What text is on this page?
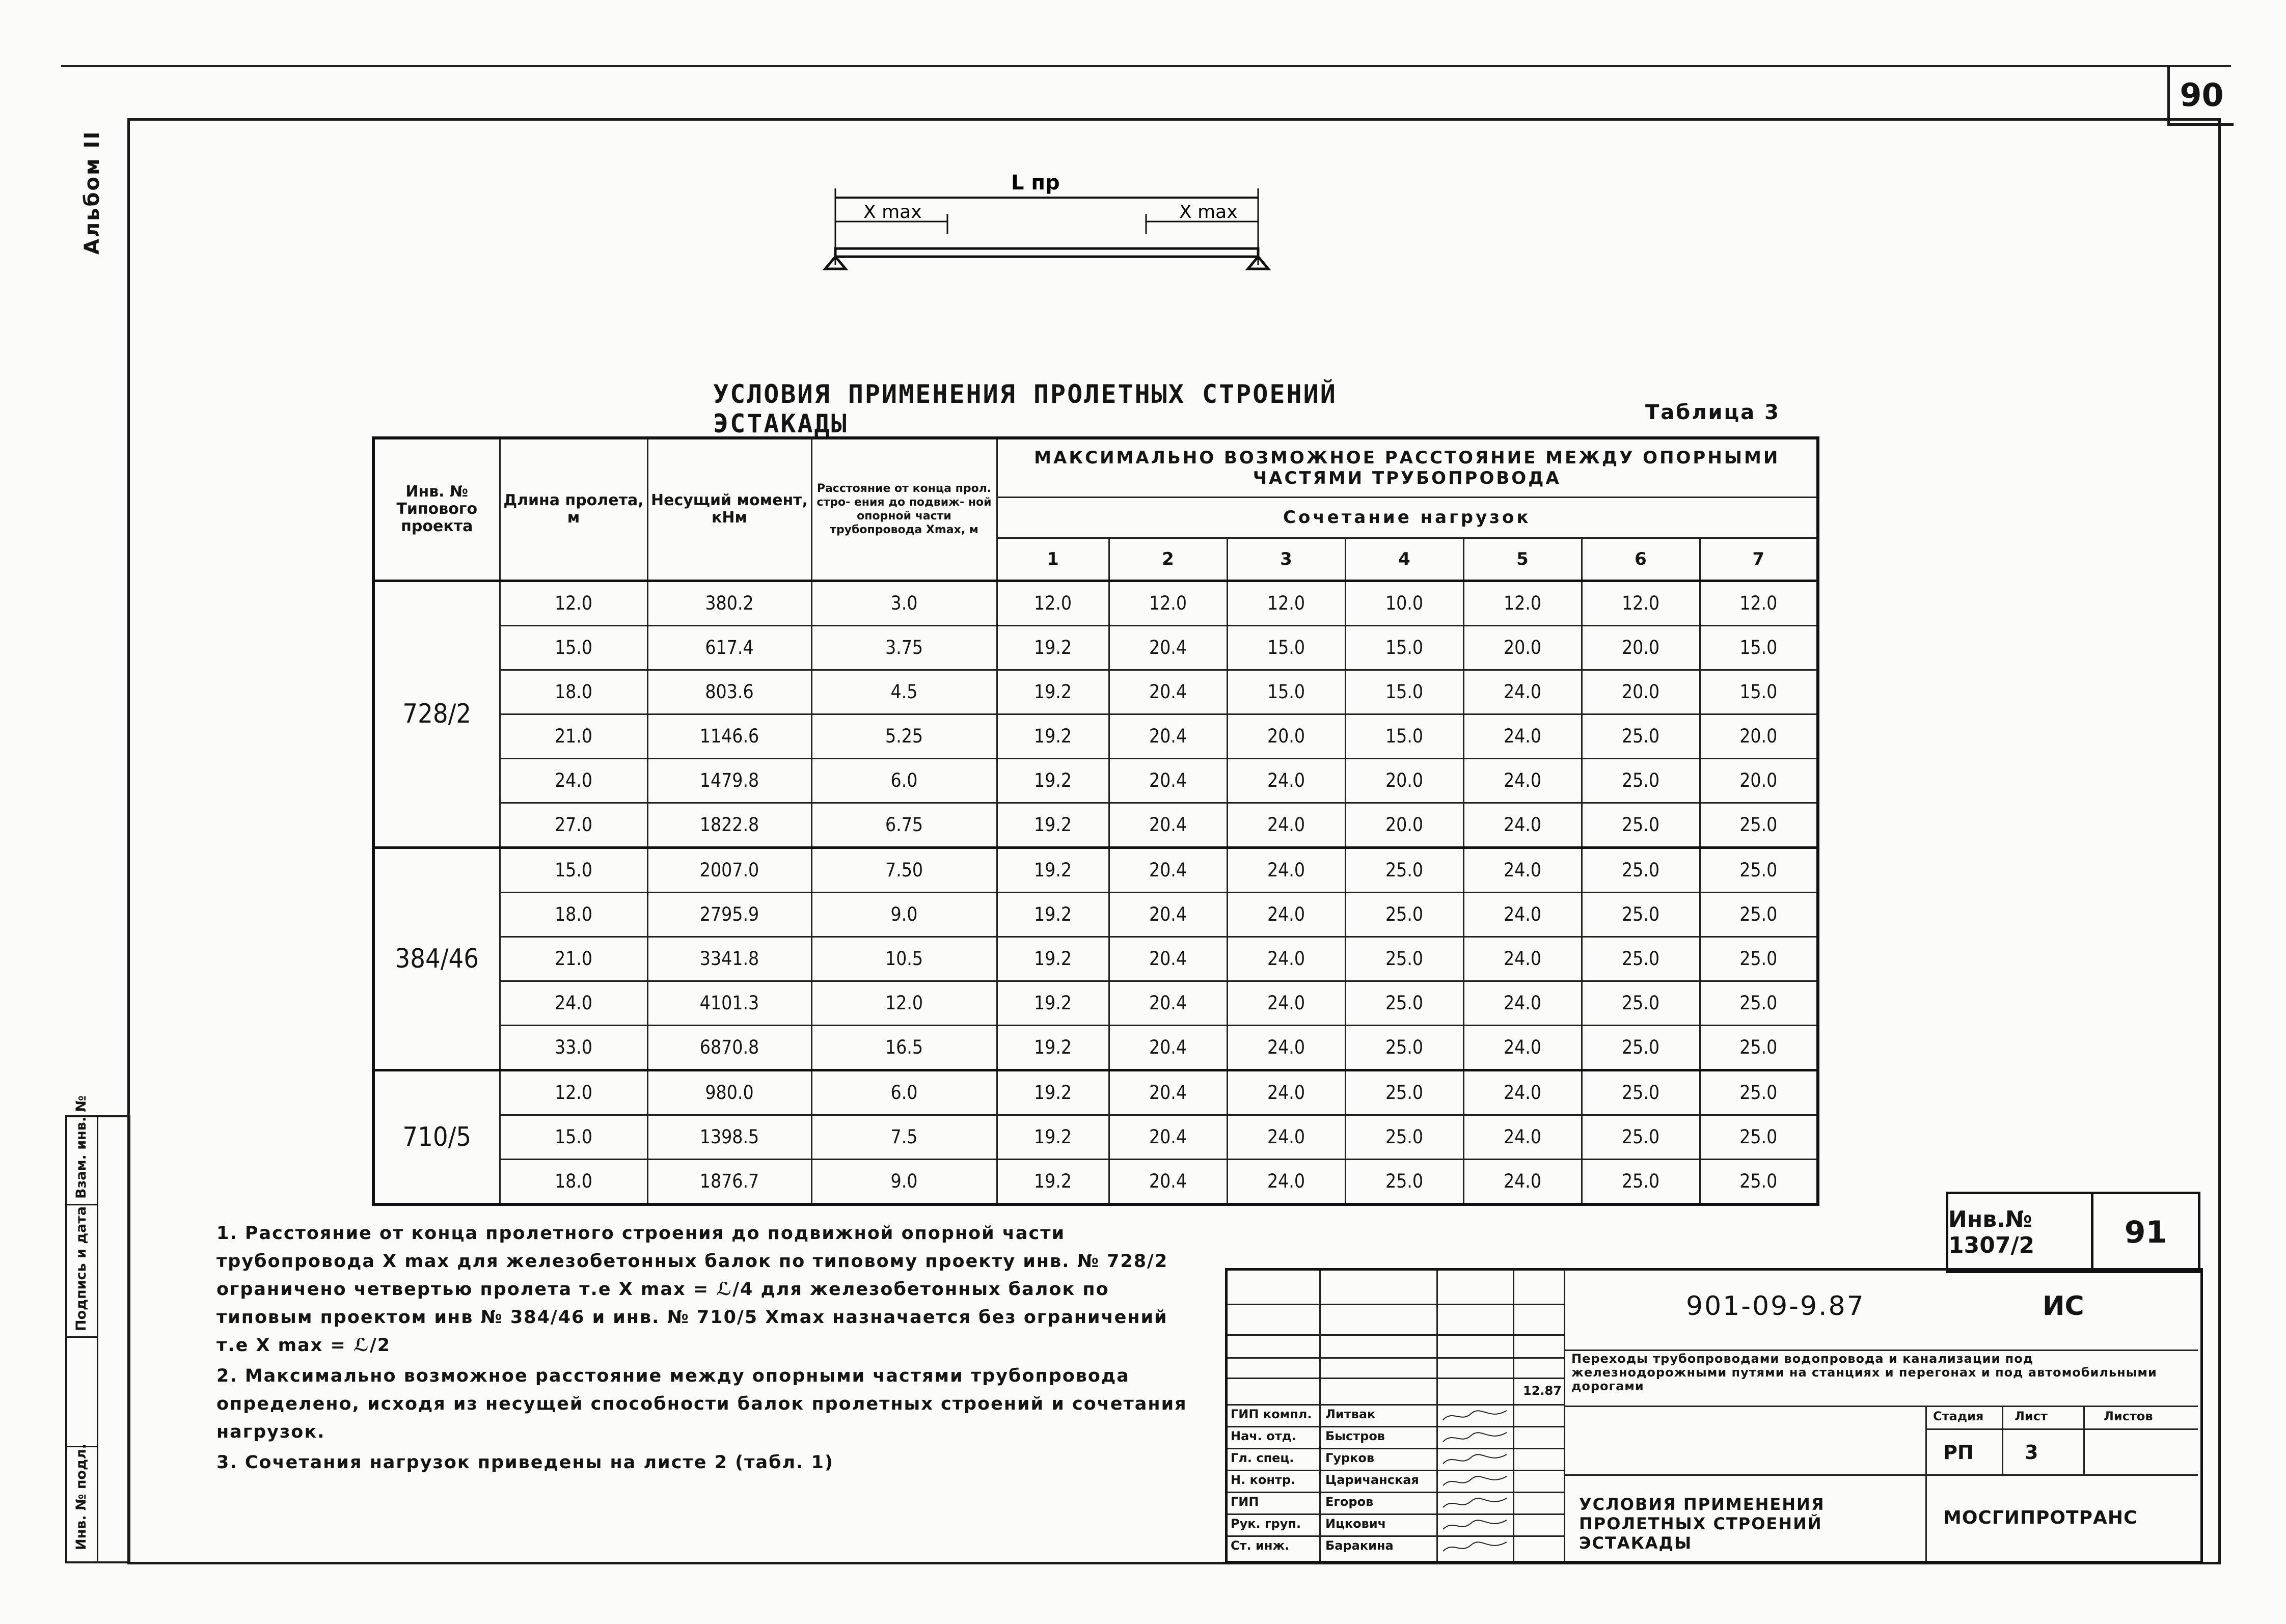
90
Альбом II
Взам. инв. №
Подпись и дата
Инв. № подл.
L пр
X max	X max
УСЛОВИЯ ПРИМЕНЕНИЯ ПРОЛЕТНЫХ СТРОЕНИЙ ЭСТАКАДЫ	Таблица 3
Инв. № Типового проекта	Длина пролета, м	Несущий момент, кНм	Расстояние от конца прол. стро- ения до подвиж- ной опорной части трубопровода Xmax, м	МАКСИМАЛЬНО ВОЗМОЖНОЕ РАССТОЯНИЕ МЕЖДУ ОПОРНЫМИ ЧАСТЯМИ ТРУБОПРОВОДА						
				Сочетание нагрузок						
				1	2	3	4	5	6	7
728/2	12.0	380.2	3.0	12.0	12.0	12.0	10.0	12.0	12.0	12.0
	15.0	617.4	3.75	19.2	20.4	15.0	15.0	20.0	20.0	15.0
	18.0	803.6	4.5	19.2	20.4	15.0	15.0	24.0	20.0	15.0
	21.0	1146.6	5.25	19.2	20.4	20.0	15.0	24.0	25.0	20.0
	24.0	1479.8	6.0	19.2	20.4	24.0	20.0	24.0	25.0	20.0
	27.0	1822.8	6.75	19.2	20.4	24.0	20.0	24.0	25.0	25.0
384/46	15.0	2007.0	7.50	19.2	20.4	24.0	25.0	24.0	25.0	25.0
	18.0	2795.9	9.0	19.2	20.4	24.0	25.0	24.0	25.0	25.0
	21.0	3341.8	10.5	19.2	20.4	24.0	25.0	24.0	25.0	25.0
	24.0	4101.3	12.0	19.2	20.4	24.0	25.0	24.0	25.0	25.0
	33.0	6870.8	16.5	19.2	20.4	24.0	25.0	24.0	25.0	25.0
710/5	12.0	980.0	6.0	19.2	20.4	24.0	25.0	24.0	25.0	25.0
	15.0	1398.5	7.5	19.2	20.4	24.0	25.0	24.0	25.0	25.0
	18.0	1876.7	9.0	19.2	20.4	24.0	25.0	24.0	25.0	25.0

1. Расстояние от конца пролетного строения до подвижной опорной части трубопровода X max для железобетонных балок по типовому проекту инв. № 728/2 ограничено четвертью пролета т.е X max = ℒ/4 для железобетонных балок по типовым проектом инв № 384/46 и инв. № 710/5 Xmax назначается без ограничений т.е X max = ℒ/2

2. Максимально возможное расстояние между опорными частями трубопровода определено, исходя из несущей способности балок пролетных строений и сочетания нагрузок.

3. Сочетания нагрузок приведены на листе 2 (табл. 1)

Инв.№ 1307/2	91
ГИП компл. Литвак
Нач. отд. Быстров
Гл. спец.	Гурков
Н. контр. Царичанская
ГИП	Егоров
Рук. груп. Ицкович
Ст. инж.	Баракина
12.87
901-09-9.87	ИС
Переходы трубопроводами водопровода и канализации под железнодорожными путями на станциях и перегонах и под автомобильными дорогами
Стадия	Лист	Листов
РП	3
УСЛОВИЯ ПРИМЕНЕНИЯ ПРОЛЕТНЫХ СТРОЕНИЙ ЭСТАКАДЫ
МОСГИПРОТРАНС
